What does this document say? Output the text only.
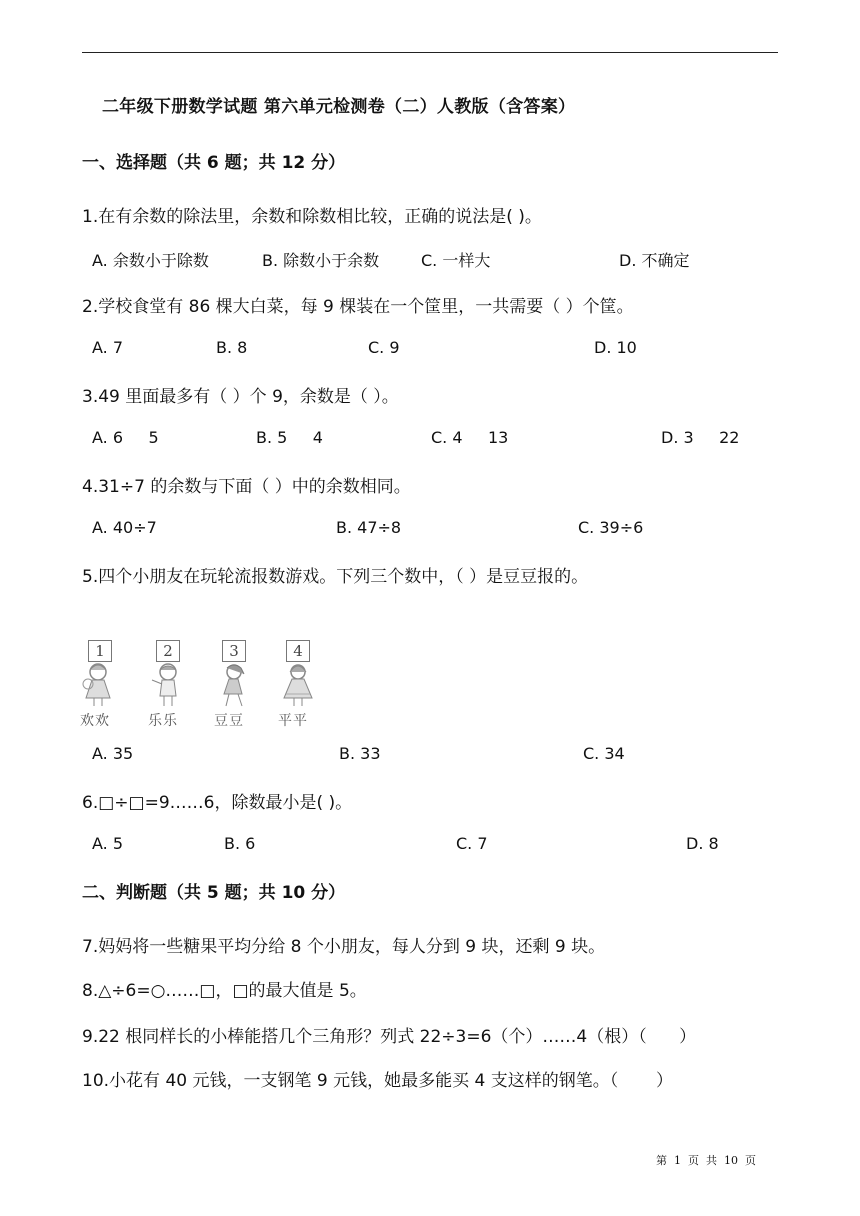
二年级下册数学试题 第六单元检测卷（二）人教版（含答案）
一、选择题（共 6 题；共 12 分）
1.在有余数的除法里，余数和除数相比较，正确的说法是( )。
A. 余数小于除数	B. 除数小于余数	C. 一样大	D. 不确定
2.学校食堂有 86 棵大白菜，每 9 棵装在一个筐里，一共需要（ ）个筐。
A. 7	B. 8	C. 9	D. 10
3.49 里面最多有（ ）个 9，余数是（ ）。
A. 6     5	B. 5     4	C. 4     13	D. 3     22
4.31÷7 的余数与下面（ ）中的余数相同。
A. 40÷7	B. 47÷8	C. 39÷6
5.四个小朋友在玩轮流报数游戏。下列三个数中，（ ）是豆豆报的。
1
欢欢
2
乐乐
3
豆豆
4
平平
A. 35	B. 33	C. 34
6.□÷□=9……6，除数最小是( )。
A. 5	B. 6	C. 7	D. 8
二、判断题（共 5 题；共 10 分）
7.妈妈将一些糖果平均分给 8 个小朋友，每人分到 9 块，还剩 9 块。
8.△÷6=○……□，□的最大值是 5。
9.22 根同样长的小棒能搭几个三角形？列式 22÷3=6（个）……4（根）（      ）
10.小花有 40 元钱，一支钢笔 9 元钱，她最多能买 4 支这样的钢笔。（       ）
第  1  页  共  10  页
